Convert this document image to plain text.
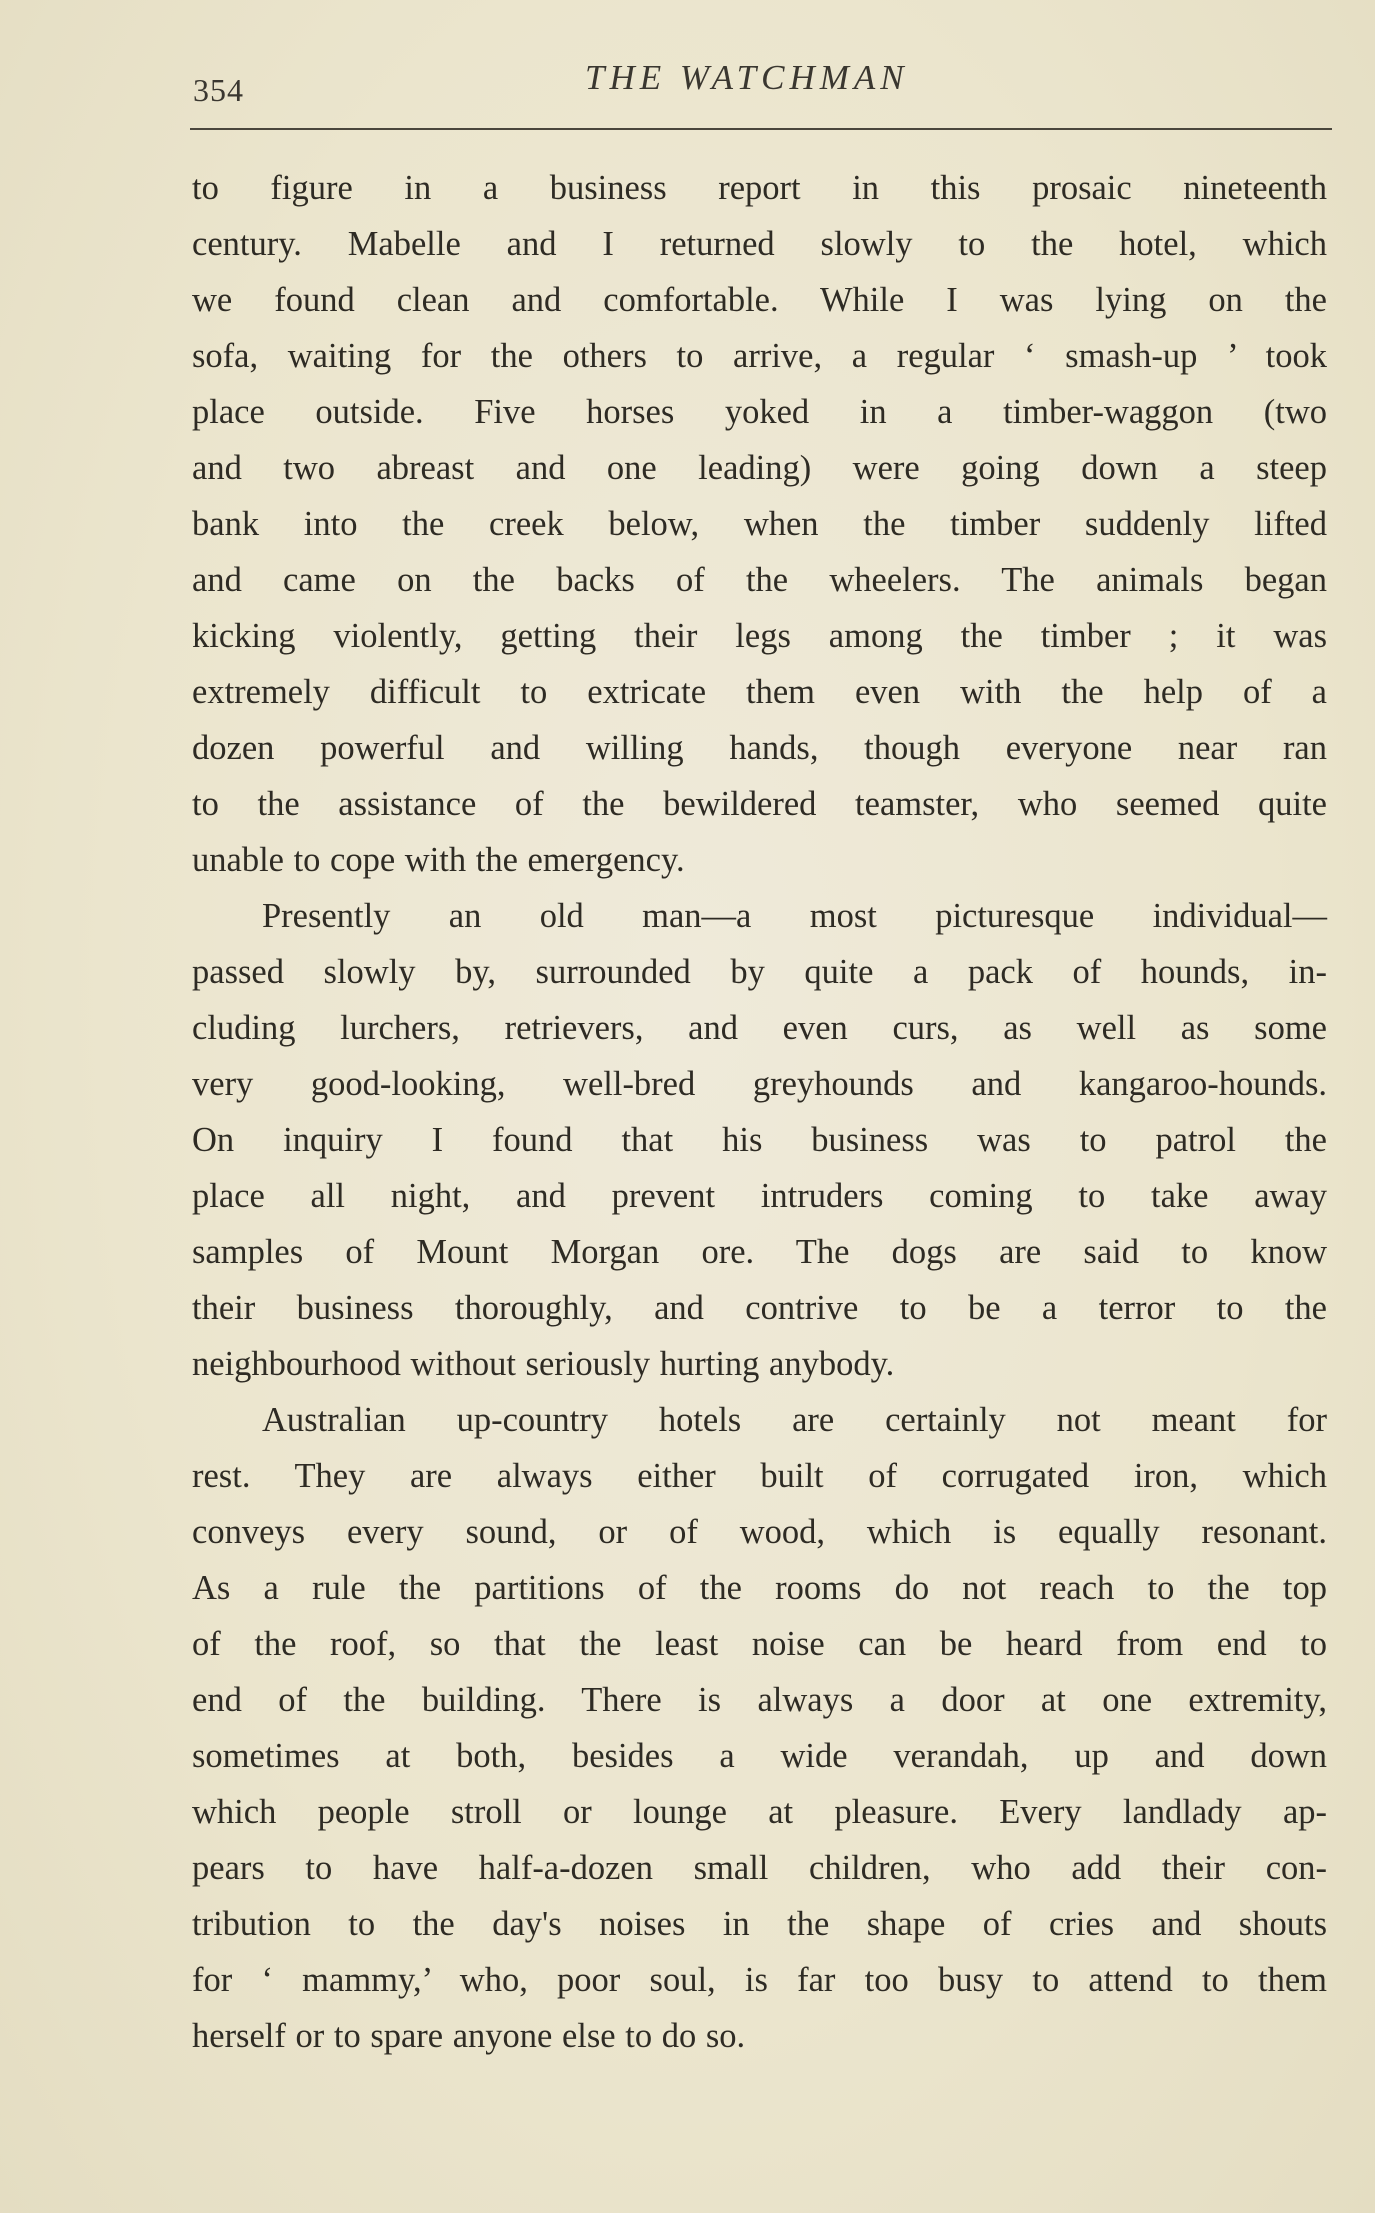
354	THE WATCHMAN
to figure in a business report in this prosaic nineteenth
century. Mabelle and I returned slowly to the hotel, which
we found clean and comfortable. While I was lying on the
sofa, waiting for the others to arrive, a regular ‘ smash-up ’ took
place outside. Five horses yoked in a timber-waggon (two
and two abreast and one leading) were going down a steep
bank into the creek below, when the timber suddenly lifted
and came on the backs of the wheelers. The animals began
kicking violently, getting their legs among the timber ; it was
extremely difficult to extricate them even with the help of a
dozen powerful and willing hands, though everyone near ran
to the assistance of the bewildered teamster, who seemed quite
unable to cope with the emergency.
Presently an old man—a most picturesque individual—
passed slowly by, surrounded by quite a pack of hounds, in-
cluding lurchers, retrievers, and even curs, as well as some
very good-looking, well-bred greyhounds and kangaroo-hounds.
On inquiry I found that his business was to patrol the
place all night, and prevent intruders coming to take away
samples of Mount Morgan ore. The dogs are said to know
their business thoroughly, and contrive to be a terror to the
neighbourhood without seriously hurting anybody.
Australian up-country hotels are certainly not meant for
rest. They are always either built of corrugated iron, which
conveys every sound, or of wood, which is equally resonant.
As a rule the partitions of the rooms do not reach to the top
of the roof, so that the least noise can be heard from end to
end of the building. There is always a door at one extremity,
sometimes at both, besides a wide verandah, up and down
which people stroll or lounge at pleasure. Every landlady ap-
pears to have half-a-dozen small children, who add their con-
tribution to the day's noises in the shape of cries and shouts
for ‘ mammy,’ who, poor soul, is far too busy to attend to them
herself or to spare anyone else to do so.
